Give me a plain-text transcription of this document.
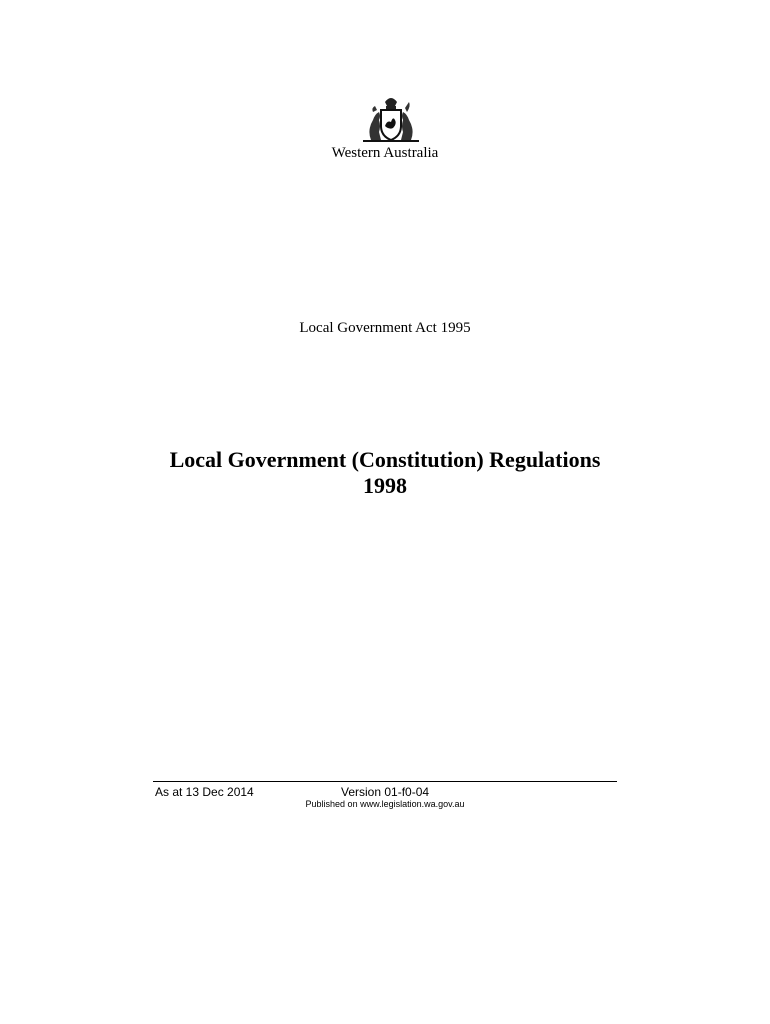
Western Australia
Local Government Act 1995
Local Government (Constitution) Regulations
1998
As at 13 Dec 2014	Version 01-f0-04
Published on www.legislation.wa.gov.au
